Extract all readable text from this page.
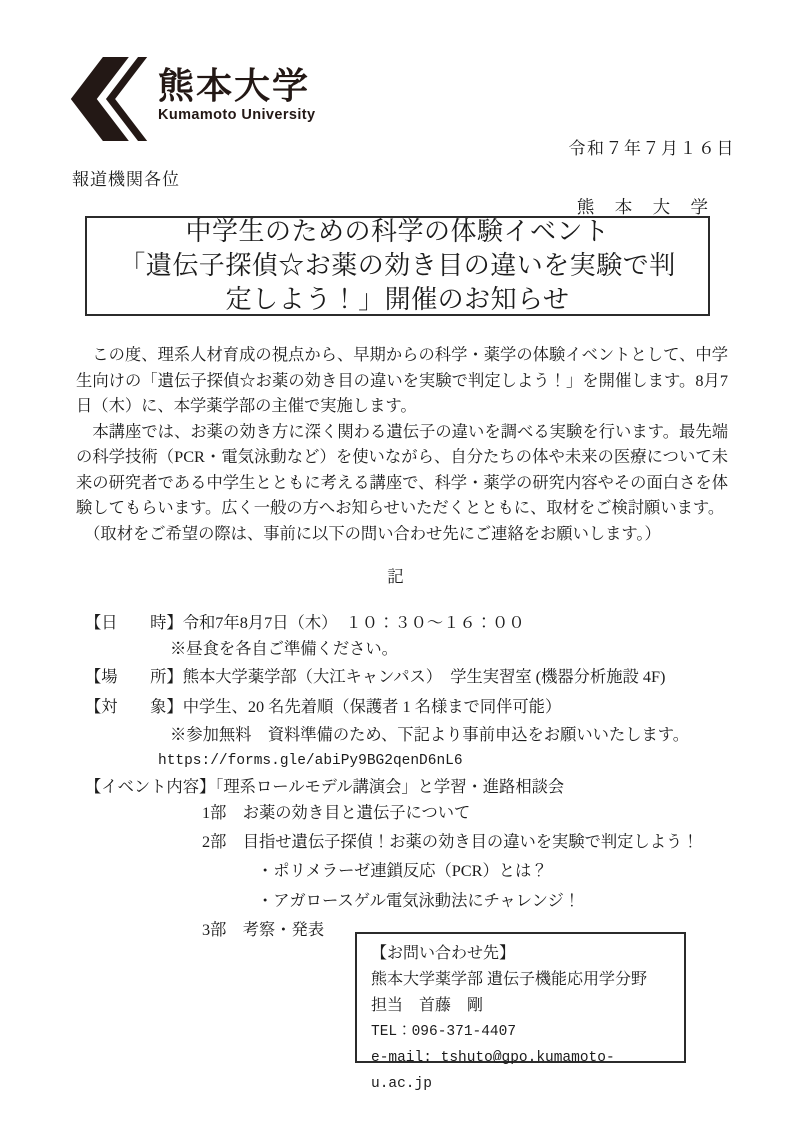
熊本大学
Kumamoto University
令和７年７月１６日
報道機関各位
熊 本 大 学
中学生のための科学の体験イベント
「遺伝子探偵☆お薬の効き目の違いを実験で判
定しよう！」開催のお知らせ

　この度、理系人材育成の視点から、早期からの科学・薬学の体験イベントとして、中学生向けの「遺伝子探偵☆お薬の効き目の違いを実験で判定しよう！」を開催します。8月7日（木）に、本学薬学部の主催で実施します。

　本講座では、お薬の効き方に深く関わる遺伝子の違いを調べる実験を行います。最先端の科学技術（PCR・電気泳動など）を使いながら、自分たちの体や未来の医療について未来の研究者である中学生とともに考える講座で、科学・薬学の研究内容やその面白さを体験してもらいます。広く一般の方へお知らせいただくとともに、取材をご検討願います。

　（取材をご希望の際は、事前に以下の問い合わせ先にご連絡をお願いします。）

記
【日　　時】令和7年8月7日（木）　１０：３０～１６：００
※昼食を各自ご準備ください。
【場　　所】熊本大学薬学部（大江キャンパス）　学生実習室 (機器分析施設 4F)
【対　　象】中学生、20 名先着順（保護者 1 名様まで同伴可能）
※参加無料　資料準備のため、下記より事前申込をお願いいたします。
https://forms.gle/abiPy9BG2qenD6nL6
【イベント内容】「理系ロールモデル講演会」と学習・進路相談会
1部　お薬の効き目と遺伝子について
2部　目指せ遺伝子探偵！お薬の効き目の違いを実験で判定しよう！
・ポリメラーゼ連鎖反応（PCR）とは？
・アガロースゲル電気泳動法にチャレンジ！
3部　考察・発表
【お問い合わせ先】
熊本大学薬学部 遺伝子機能応用学分野
担当　首藤　剛
TEL：096-371-4407
e-mail: tshuto@gpo.kumamoto-u.ac.jp
